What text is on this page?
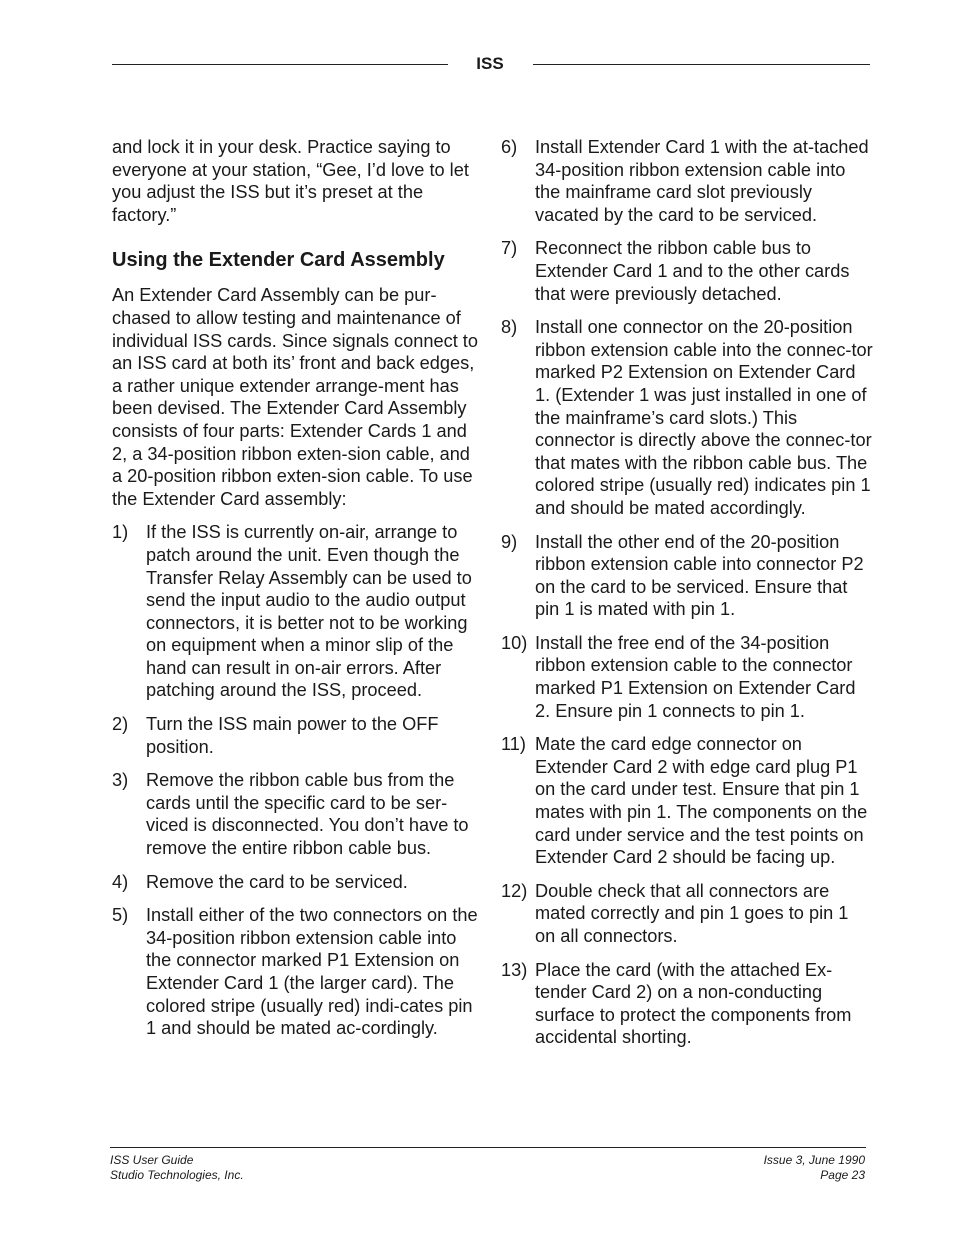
ISS

and lock it in your desk. Practice saying to everyone at your station, “Gee, I’d love to let you adjust the ISS but it’s preset at the factory.”

Using the Extender Card Assembly

An Extender Card Assembly can be pur-chased to allow testing and maintenance of individual ISS cards. Since signals connect to an ISS card at both its’ front and back edges, a rather unique extender arrange-ment has been devised. The Extender Card Assembly consists of four parts: Extender Cards 1 and 2, a 34-position ribbon exten-sion cable, and a 20-position ribbon exten-sion cable. To use the Extender Card assembly:

1) If the ISS is currently on-air, arrange to patch around the unit. Even though the Transfer Relay Assembly can be used to send the input audio to the audio output connectors, it is better not to be working on equipment when a minor slip of the hand can result in on-air errors. After patching around the ISS, proceed.
2) Turn the ISS main power to the OFF position.
3) Remove the ribbon cable bus from the cards until the specific card to be ser-viced is disconnected. You don’t have to remove the entire ribbon cable bus.
4) Remove the card to be serviced.
5) Install either of the two connectors on the 34-position ribbon extension cable into the connector marked P1 Extension on Extender Card 1 (the larger card). The colored stripe (usually red) indi-cates pin 1 and should be mated ac-cordingly.
6) Install Extender Card 1 with the at-tached 34-position ribbon extension cable into the mainframe card slot previously vacated by the card to be serviced.
7) Reconnect the ribbon cable bus to Extender Card 1 and to the other cards that were previously detached.
8) Install one connector on the 20-position ribbon extension cable into the connec-tor marked P2 Extension on Extender Card 1. (Extender 1 was just installed in one of the mainframe’s card slots.) This connector is directly above the connec-tor that mates with the ribbon cable bus. The colored stripe (usually red) indicates pin 1 and should be mated accordingly.
9) Install the other end of the 20-position ribbon extension cable into connector P2 on the card to be serviced. Ensure that pin 1 is mated with pin 1.
10) Install the free end of the 34-position ribbon extension cable to the connector marked P1 Extension on Extender Card 2. Ensure pin 1 connects to pin 1.
11) Mate the card edge connector on Extender Card 2 with edge card plug P1 on the card under test. Ensure that pin 1 mates with pin 1. The components on the card under service and the test points on Extender Card 2 should be facing up.
12) Double check that all connectors are mated correctly and pin 1 goes to pin 1 on all connectors.
13) Place the card (with the attached Ex-tender Card 2) on a non-conducting surface to protect the components from accidental shorting.
ISS User Guide
Studio Technologies, Inc.
Issue 3, June 1990
Page 23
